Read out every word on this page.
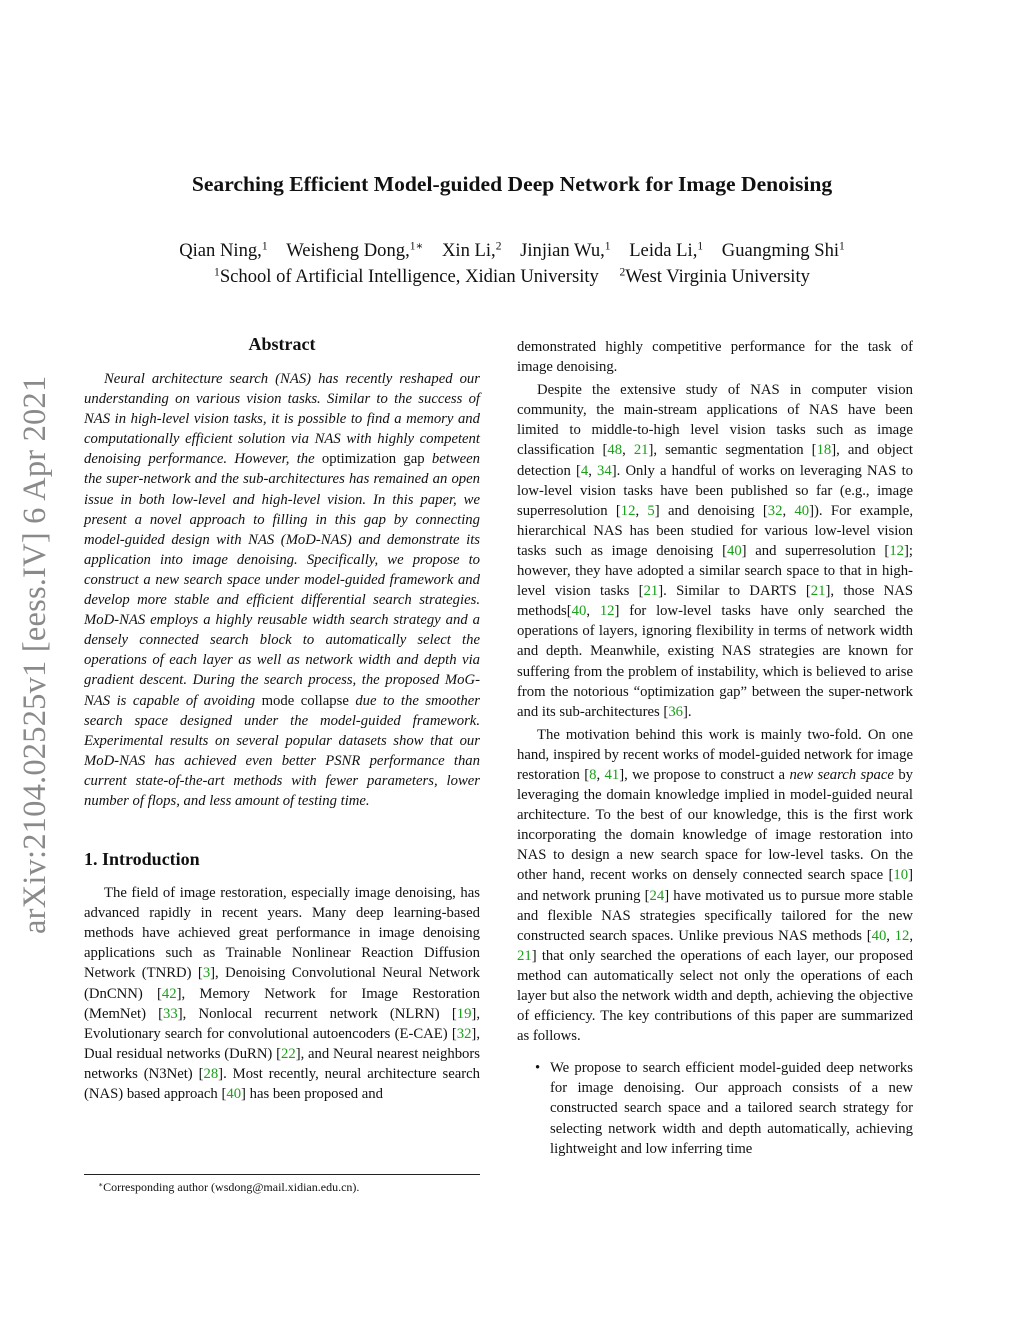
arXiv:2104.02525v1 [eess.IV] 6 Apr 2021
Searching Efficient Model-guided Deep Network for Image Denoising
Qian Ning,$^1$ Weisheng Dong,$^{1∗}$ Xin Li,$^2$ Jinjian Wu,$^1$ Leida Li,$^1$ Guangming Shi$^1$
$^1$School of Artificial Intelligence, Xidian University $^2$West Virginia University
Abstract

Neural architecture search (NAS) has recently reshaped our understanding on various vision tasks. Similar to the success of NAS in high-level vision tasks, it is possible to find a memory and computationally efficient solution via NAS with highly competent denoising performance. However, the optimization gap between the super-network and the sub-architectures has remained an open issue in both low-level and high-level vision. In this paper, we present a novel approach to filling in this gap by connecting model-guided design with NAS (MoD-NAS) and demonstrate its application into image denoising. Specifically, we propose to construct a new search space under model-guided framework and develop more stable and efficient differential search strategies. MoD-NAS employs a highly reusable width search strategy and a densely connected search block to automatically select the operations of each layer as well as network width and depth via gradient descent. During the search process, the proposed MoG-NAS is capable of avoiding mode collapse due to the smoother search space designed under the model-guided framework. Experimental results on several popular datasets show that our MoD-NAS has achieved even better PSNR performance than current state-of-the-art methods with fewer parameters, lower number of flops, and less amount of testing time.

1. Introduction

The field of image restoration, especially image denoising, has advanced rapidly in recent years. Many deep learning-based methods have achieved great performance in image denoising applications such as Trainable Nonlinear Reaction Diffusion Network (TNRD) [3], Denoising Convolutional Neural Network (DnCNN) [42], Memory Network for Image Restoration (MemNet) [33], Nonlocal recurrent network (NLRN) [19], Evolutionary search for convolutional autoencoders (E-CAE) [32], Dual residual networks (DuRN) [22], and Neural nearest neighbors networks (N3Net) [28]. Most recently, neural architecture search (NAS) based approach [40] has been proposed and

∗Corresponding author (wsdong@mail.xidian.edu.cn).

demonstrated highly competitive performance for the task of image denoising.

Despite the extensive study of NAS in computer vision community, the main-stream applications of NAS have been limited to middle-to-high level vision tasks such as image classification [48, 21], semantic segmentation [18], and object detection [4, 34]. Only a handful of works on leveraging NAS to low-level vision tasks have been published so far (e.g., image superresolution [12, 5] and denoising [32, 40]). For example, hierarchical NAS has been studied for various low-level vision tasks such as image denoising [40] and superresolution [12]; however, they have adopted a similar search space to that in high-level vision tasks [21]. Similar to DARTS [21], those NAS methods[40, 12] for low-level tasks have only searched the operations of layers, ignoring flexibility in terms of network width and depth. Meanwhile, existing NAS strategies are known for suffering from the problem of instability, which is believed to arise from the notorious “optimization gap” between the super-network and its sub-architectures [36].

The motivation behind this work is mainly two-fold. On one hand, inspired by recent works of model-guided network for image restoration [8, 41], we propose to construct a new search space by leveraging the domain knowledge implied in model-guided neural architecture. To the best of our knowledge, this is the first work incorporating the domain knowledge of image restoration into NAS to design a new search space for low-level tasks. On the other hand, recent works on densely connected search space [10] and network pruning [24] have motivated us to pursue more stable and flexible NAS strategies specifically tailored for the new constructed search spaces. Unlike previous NAS methods [40, 12, 21] that only searched the operations of each layer, our proposed method can automatically select not only the operations of each layer but also the network width and depth, achieving the objective of efficiency. The key contributions of this paper are summarized as follows.

• We propose to search efficient model-guided deep networks for image denoising. Our approach consists of a new constructed search space and a tailored search strategy for selecting network width and depth automatically, achieving lightweight and low inferring time
